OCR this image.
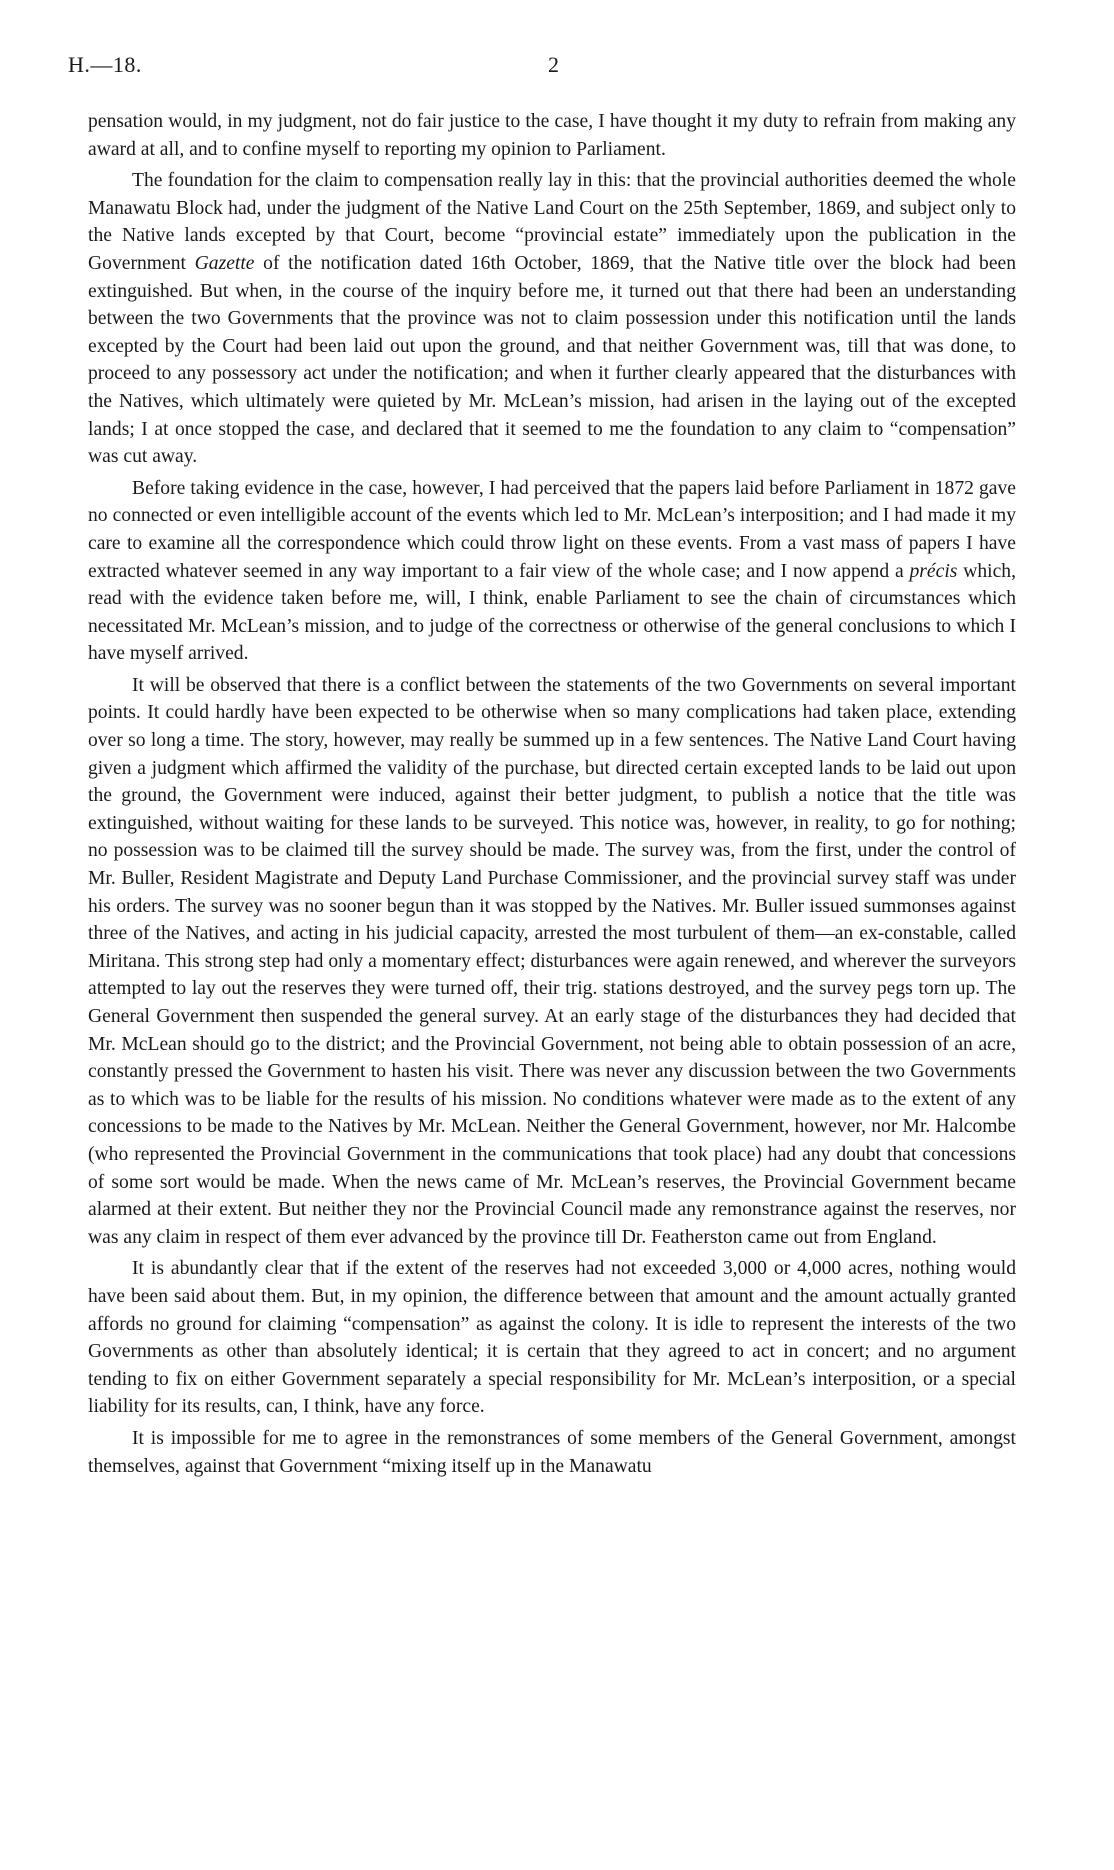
H.—18.	2

pensation would, in my judgment, not do fair justice to the case, I have thought it my duty to refrain from making any award at all, and to confine myself to reporting my opinion to Parliament.

The foundation for the claim to compensation really lay in this: that the provincial authorities deemed the whole Manawatu Block had, under the judgment of the Native Land Court on the 25th September, 1869, and subject only to the Native lands excepted by that Court, become “provincial estate” immediately upon the publication in the Government Gazette of the notification dated 16th October, 1869, that the Native title over the block had been extinguished. But when, in the course of the inquiry before me, it turned out that there had been an understanding between the two Governments that the province was not to claim possession under this notification until the lands excepted by the Court had been laid out upon the ground, and that neither Government was, till that was done, to proceed to any possessory act under the notification; and when it further clearly appeared that the disturbances with the Natives, which ultimately were quieted by Mr. McLean’s mission, had arisen in the laying out of the excepted lands; I at once stopped the case, and declared that it seemed to me the foundation to any claim to “compensation” was cut away.

Before taking evidence in the case, however, I had perceived that the papers laid before Parliament in 1872 gave no connected or even intelligible account of the events which led to Mr. McLean’s interposition; and I had made it my care to examine all the correspondence which could throw light on these events. From a vast mass of papers I have extracted whatever seemed in any way important to a fair view of the whole case; and I now append a précis which, read with the evidence taken before me, will, I think, enable Parliament to see the chain of circumstances which necessitated Mr. McLean’s mission, and to judge of the correctness or otherwise of the general conclusions to which I have myself arrived.

It will be observed that there is a conflict between the statements of the two Governments on several important points. It could hardly have been expected to be otherwise when so many complications had taken place, extending over so long a time. The story, however, may really be summed up in a few sentences. The Native Land Court having given a judgment which affirmed the validity of the purchase, but directed certain excepted lands to be laid out upon the ground, the Government were induced, against their better judgment, to publish a notice that the title was extinguished, without waiting for these lands to be surveyed. This notice was, however, in reality, to go for nothing; no possession was to be claimed till the survey should be made. The survey was, from the first, under the control of Mr. Buller, Resident Magistrate and Deputy Land Purchase Commissioner, and the provincial survey staff was under his orders. The survey was no sooner begun than it was stopped by the Natives. Mr. Buller issued summonses against three of the Natives, and acting in his judicial capacity, arrested the most turbulent of them—an ex-constable, called Miritana. This strong step had only a momentary effect; disturbances were again renewed, and wherever the surveyors attempted to lay out the reserves they were turned off, their trig. stations destroyed, and the survey pegs torn up. The General Government then suspended the general survey. At an early stage of the disturbances they had decided that Mr. McLean should go to the district; and the Provincial Government, not being able to obtain possession of an acre, constantly pressed the Government to hasten his visit. There was never any discussion between the two Governments as to which was to be liable for the results of his mission. No conditions whatever were made as to the extent of any concessions to be made to the Natives by Mr. McLean. Neither the General Government, however, nor Mr. Halcombe (who represented the Provincial Government in the communications that took place) had any doubt that concessions of some sort would be made. When the news came of Mr. McLean’s reserves, the Provincial Government became alarmed at their extent. But neither they nor the Provincial Council made any remonstrance against the reserves, nor was any claim in respect of them ever advanced by the province till Dr. Featherston came out from England.

It is abundantly clear that if the extent of the reserves had not exceeded 3,000 or 4,000 acres, nothing would have been said about them. But, in my opinion, the difference between that amount and the amount actually granted affords no ground for claiming “compensation” as against the colony. It is idle to represent the interests of the two Governments as other than absolutely identical; it is certain that they agreed to act in concert; and no argument tending to fix on either Government separately a special responsibility for Mr. McLean’s interposition, or a special liability for its results, can, I think, have any force.

It is impossible for me to agree in the remonstrances of some members of the General Government, amongst themselves, against that Government “mixing itself up in the Manawatu
